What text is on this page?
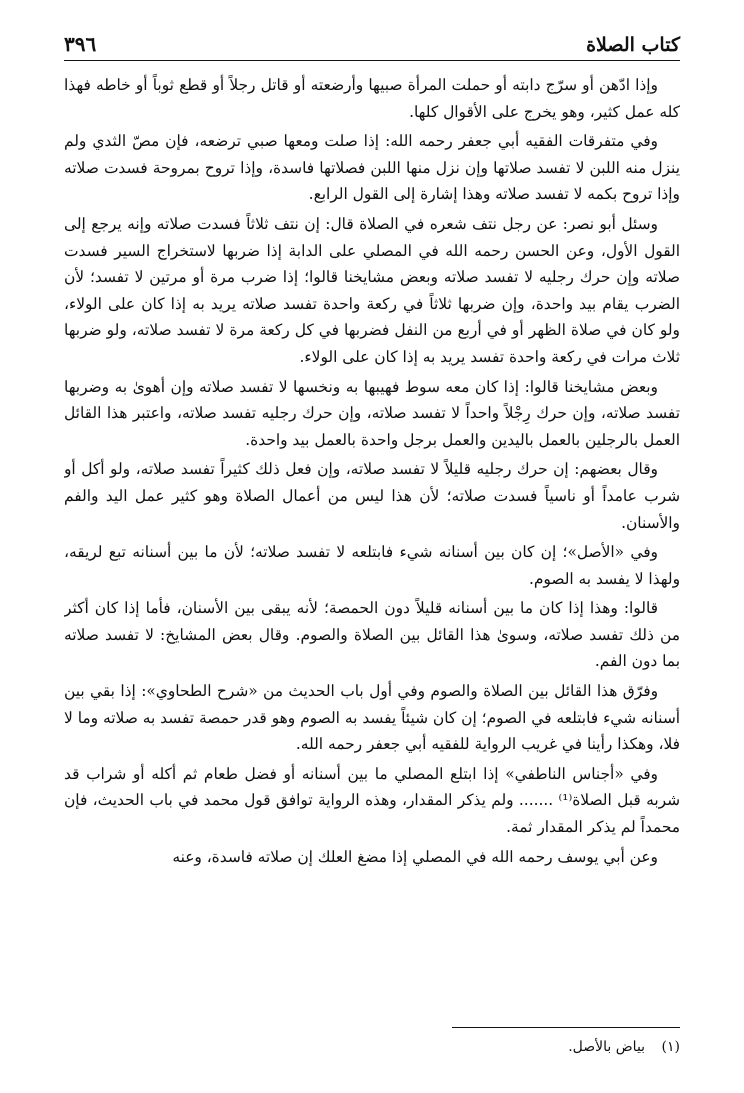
كتاب الصلاة
٣٩٦

وإذا ادّهن أو سرّج دابته أو حملت المرأة صبيها وأرضعته أو قاتل رجلاً أو قطع ثوباً أو خاطه فهذا كله عمل كثير، وهو يخرج على الأقوال كلها.

وفي متفرقات الفقيه أبي جعفر رحمه الله: إذا صلت ومعها صبي ترضعه، فإن مصّ الثدي ولم ينزل منه اللبن لا تفسد صلاتها وإن نزل منها اللبن فصلاتها فاسدة، وإذا تروح بمروحة فسدت صلاته وإذا تروح بكمه لا تفسد صلاته وهذا إشارة إلى القول الرابع.

وسئل أبو نصر: عن رجل نتف شعره في الصلاة قال: إن نتف ثلاثاً فسدت صلاته وإنه يرجع إلى القول الأول، وعن الحسن رحمه الله في المصلي على الدابة إذا ضربها لاستخراج السير فسدت صلاته وإن حرك رجليه لا تفسد صلاته وبعض مشايخنا قالوا؛ إذا ضرب مرة أو مرتين لا تفسد؛ لأن الضرب يقام بيد واحدة، وإن ضربها ثلاثاً في ركعة واحدة تفسد صلاته يريد به إذا كان على الولاء، ولو كان في صلاة الظهر أو في أربع من النفل فضربها في كل ركعة مرة لا تفسد صلاته، ولو ضربها ثلاث مرات في ركعة واحدة تفسد يريد به إذا كان على الولاء.

وبعض مشايخنا قالوا: إذا كان معه سوط فهيبها به ونخسها لا تفسد صلاته وإن أهوىٰ به وضربها تفسد صلاته، وإن حرك رِجْلاً واحداً لا تفسد صلاته، وإن حرك رجليه تفسد صلاته، واعتبر هذا القائل العمل بالرجلين بالعمل باليدين والعمل برجل واحدة بالعمل بيد واحدة.

وقال بعضهم: إن حرك رجليه قليلاً لا تفسد صلاته، وإن فعل ذلك كثيراً تفسد صلاته، ولو أكل أو شرب عامداً أو ناسياً فسدت صلاته؛ لأن هذا ليس من أعمال الصلاة وهو كثير عمل اليد والفم والأسنان.

وفي «الأصل»؛ إن كان بين أسنانه شيء فابتلعه لا تفسد صلاته؛ لأن ما بين أسنانه تبع لريقه، ولهذا لا يفسد به الصوم.

قالوا: وهذا إذا كان ما بين أسنانه قليلاً دون الحمصة؛ لأنه يبقى بين الأسنان، فأما إذا كان أكثر من ذلك تفسد صلاته، وسوىٰ هذا القائل بين الصلاة والصوم. وقال بعض المشايخ: لا تفسد صلاته بما دون الفم.

وفرّق هذا القائل بين الصلاة والصوم وفي أول باب الحديث من «شرح الطحاوي»: إذا بقي بين أسنانه شيء فابتلعه في الصوم؛ إن كان شيئاً يفسد به الصوم وهو قدر حمصة تفسد به صلاته وما لا فلا، وهكذا رأينا في غريب الرواية للفقيه أبي جعفر رحمه الله.

وفي «أجناس الناطفي» إذا ابتلع المصلي ما بين أسنانه أو فضل طعام ثم أكله أو شراب قد شربه قبل الصلاة⁽¹⁾ ....... ولم يذكر المقدار، وهذه الرواية توافق قول محمد في باب الحديث، فإن محمداً لم يذكر المقدار ثمة.

وعن أبي يوسف رحمه الله في المصلي إذا مضغ العلك إن صلاته فاسدة، وعنه

(١) بياض بالأصل.
